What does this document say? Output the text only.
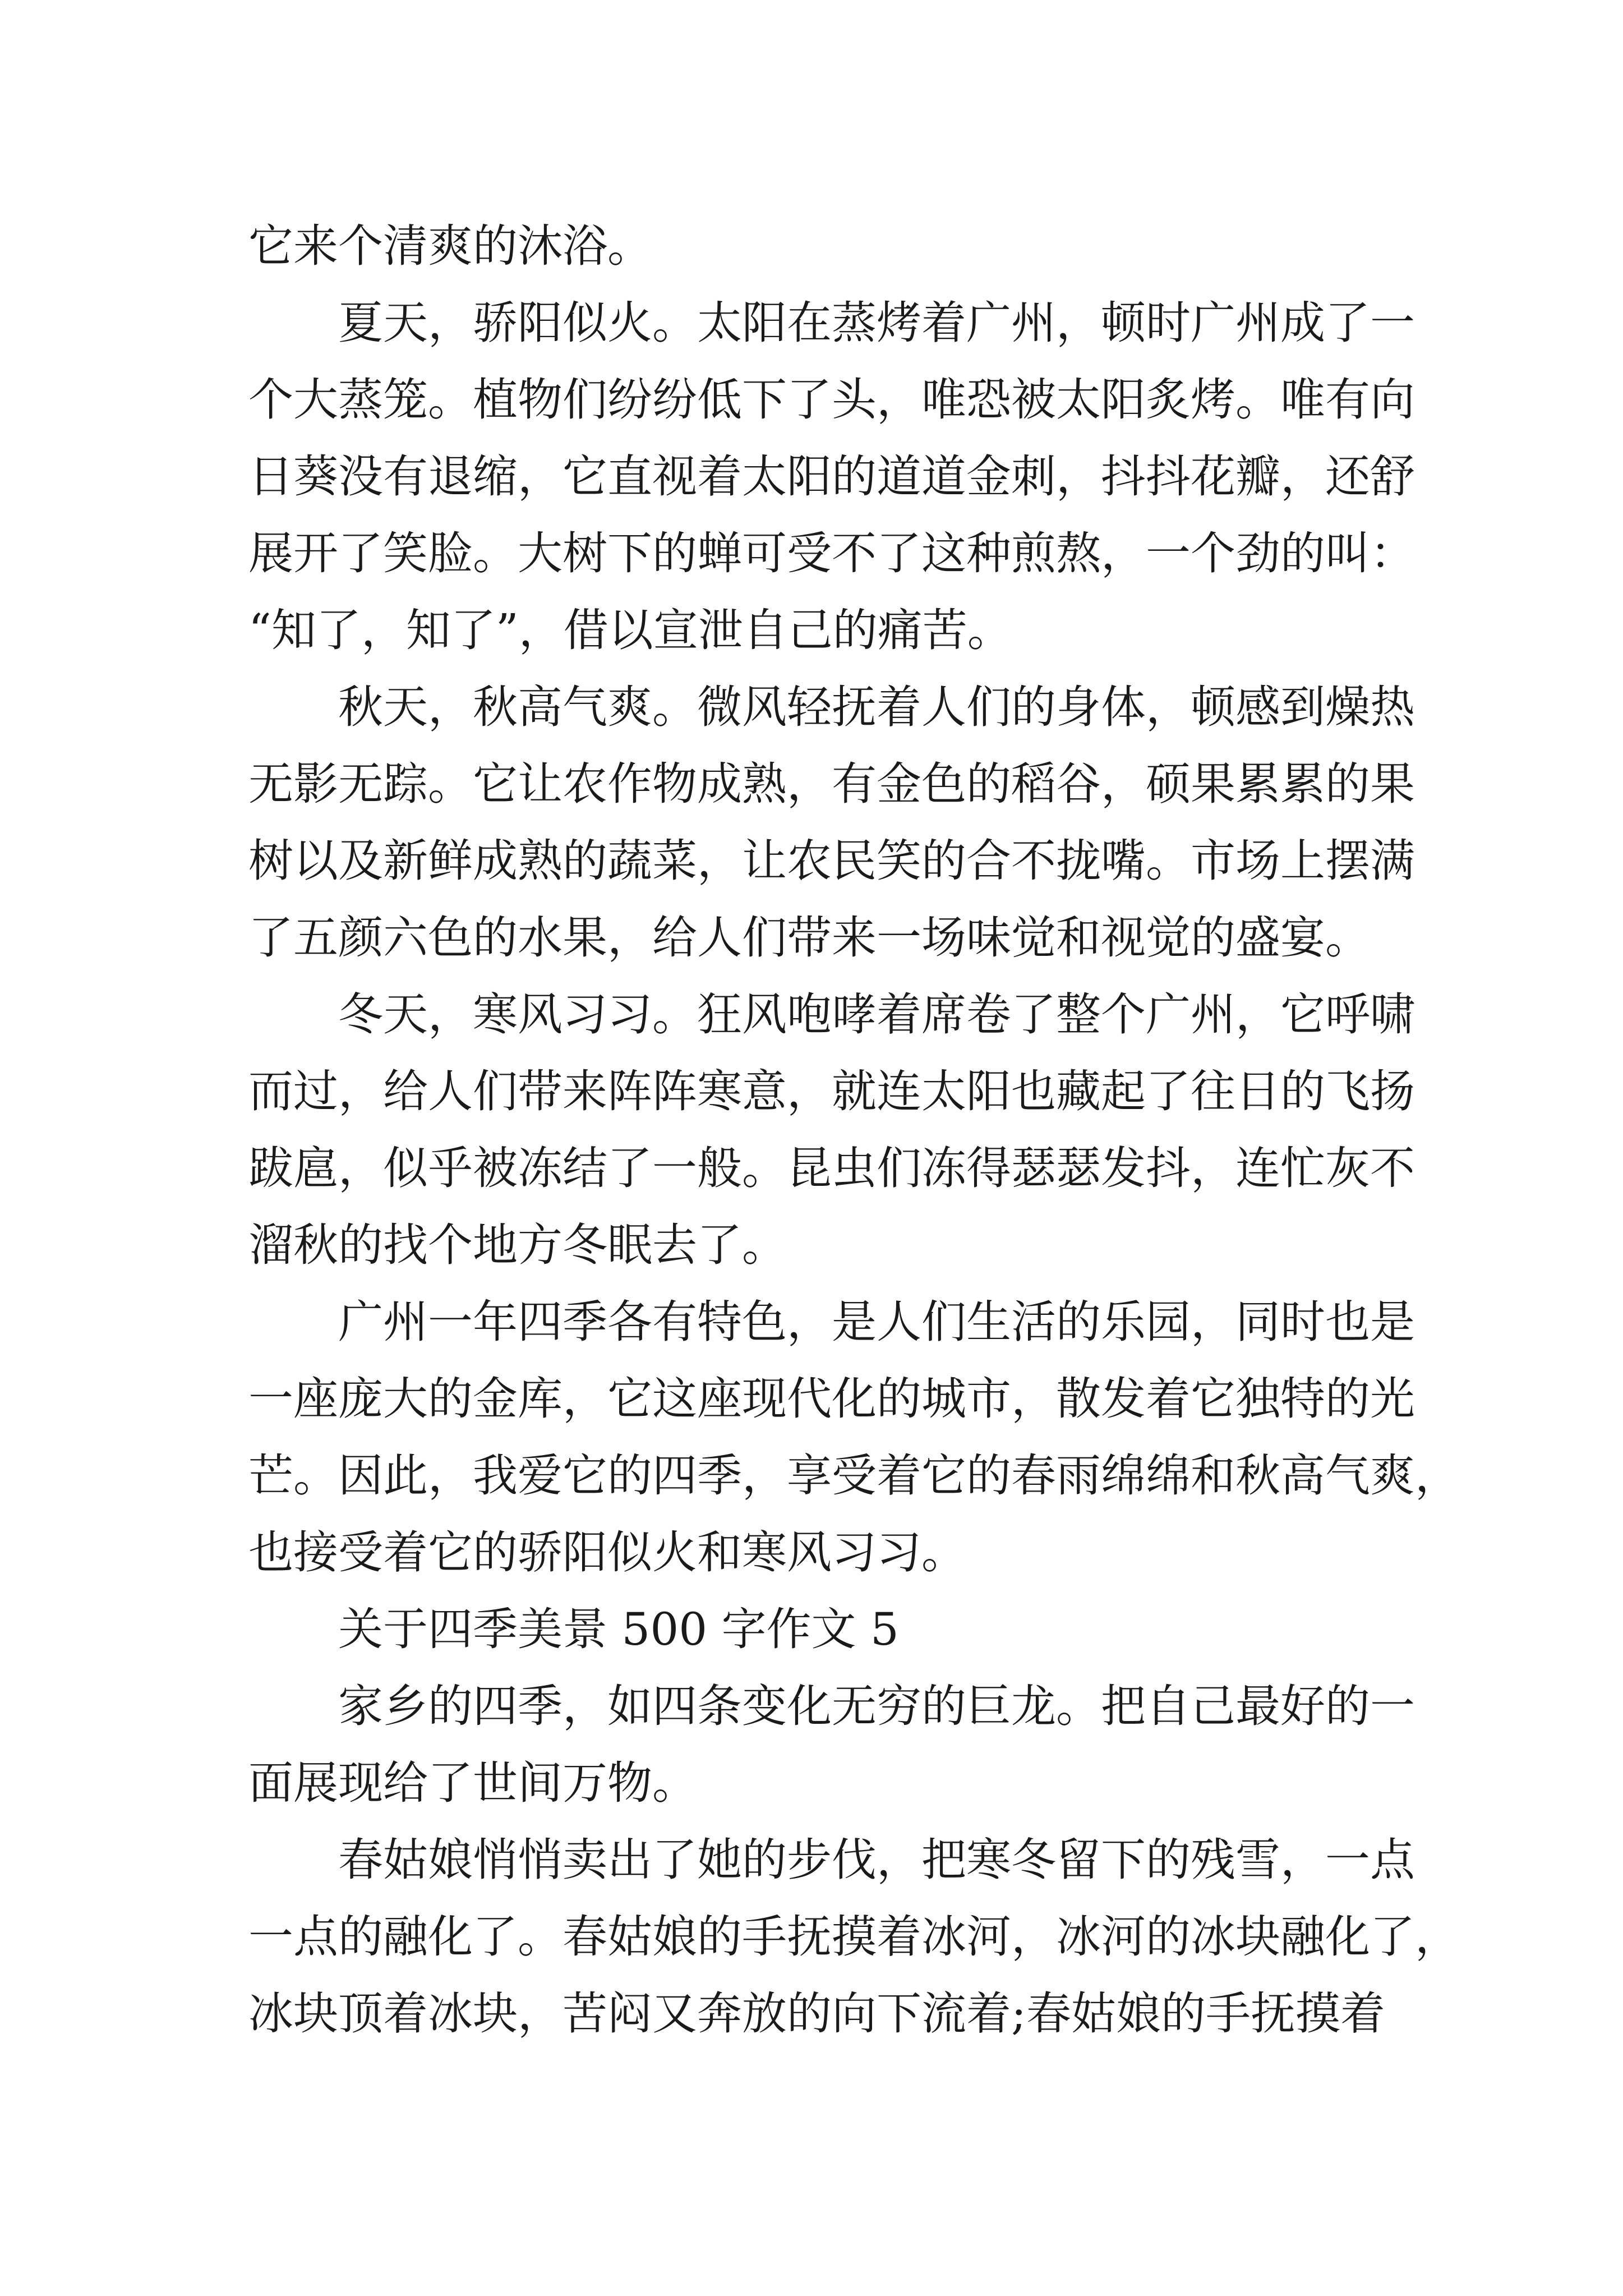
它来个清爽的沐浴。
夏天，骄阳似火。太阳在蒸烤着广州，顿时广州成了一
个大蒸笼。植物们纷纷低下了头，唯恐被太阳炙烤。唯有向
日葵没有退缩，它直视着太阳的道道金刺，抖抖花瓣，还舒
展开了笑脸。大树下的蝉可受不了这种煎熬，一个劲的叫：
“知了，知了”，借以宣泄自己的痛苦。
秋天，秋高气爽。微风轻抚着人们的身体，顿感到燥热
无影无踪。它让农作物成熟，有金色的稻谷，硕果累累的果
树以及新鲜成熟的蔬菜，让农民笑的合不拢嘴。市场上摆满
了五颜六色的水果，给人们带来一场味觉和视觉的盛宴。
冬天，寒风习习。狂风咆哮着席卷了整个广州，它呼啸
而过，给人们带来阵阵寒意，就连太阳也藏起了往日的飞扬
跋扈，似乎被冻结了一般。昆虫们冻得瑟瑟发抖，连忙灰不
溜秋的找个地方冬眠去了。
广州一年四季各有特色，是人们生活的乐园，同时也是
一座庞大的金库，它这座现代化的城市，散发着它独特的光
芒。因此，我爱它的四季，享受着它的春雨绵绵和秋高气爽，
也接受着它的骄阳似火和寒风习习。
关于四季美景 500 字作文 5
家乡的四季，如四条变化无穷的巨龙。把自己最好的一
面展现给了世间万物。
春姑娘悄悄卖出了她的步伐，把寒冬留下的残雪，一点
一点的融化了。春姑娘的手抚摸着冰河，冰河的冰块融化了，
冰块顶着冰块，苦闷又奔放的向下流着;春姑娘的手抚摸着
